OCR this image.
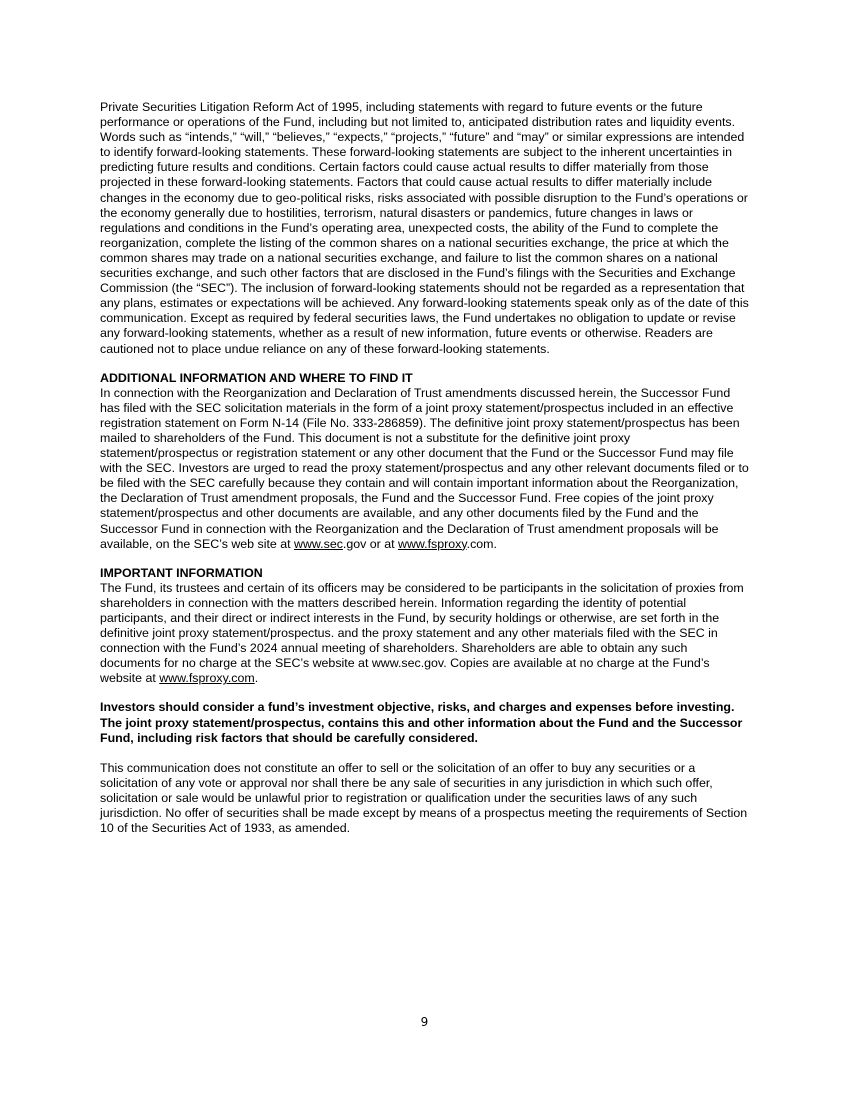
Private Securities Litigation Reform Act of 1995, including statements with regard to future events or the future performance or operations of the Fund, including but not limited to, anticipated distribution rates and liquidity events. Words such as “intends,” “will,” “believes,” “expects,” “projects,” “future” and “may” or similar expressions are intended to identify forward-looking statements. These forward-looking statements are subject to the inherent uncertainties in predicting future results and conditions. Certain factors could cause actual results to differ materially from those projected in these forward-looking statements. Factors that could cause actual results to differ materially include changes in the economy due to geo-political risks, risks associated with possible disruption to the Fund’s operations or the economy generally due to hostilities, terrorism, natural disasters or pandemics, future changes in laws or regulations and conditions in the Fund’s operating area, unexpected costs, the ability of the Fund to complete the reorganization, complete the listing of the common shares on a national securities exchange, the price at which the common shares may trade on a national securities exchange, and failure to list the common shares on a national securities exchange, and such other factors that are disclosed in the Fund’s filings with the Securities and Exchange Commission (the “SEC”). The inclusion of forward-looking statements should not be regarded as a representation that any plans, estimates or expectations will be achieved. Any forward-looking statements speak only as of the date of this communication. Except as required by federal securities laws, the Fund undertakes no obligation to update or revise any forward-looking statements, whether as a result of new information, future events or otherwise. Readers are cautioned not to place undue reliance on any of these forward-looking statements.

ADDITIONAL INFORMATION AND WHERE TO FIND IT

In connection with the Reorganization and Declaration of Trust amendments discussed herein, the Successor Fund has filed with the SEC solicitation materials in the form of a joint proxy statement/prospectus included in an effective registration statement on Form N-14 (File No. 333-286859). The definitive joint proxy statement/prospectus has been mailed to shareholders of the Fund. This document is not a substitute for the definitive joint proxy statement/prospectus or registration statement or any other document that the Fund or the Successor Fund may file with the SEC. Investors are urged to read the proxy statement/prospectus and any other relevant documents filed or to be filed with the SEC carefully because they contain and will contain important information about the Reorganization, the Declaration of Trust amendment proposals, the Fund and the Successor Fund. Free copies of the joint proxy statement/prospectus and other documents are available, and any other documents filed by the Fund and the Successor Fund in connection with the Reorganization and the Declaration of Trust amendment proposals will be available, on the SEC’s web site at www.sec.gov or at www.fsproxy.com.

IMPORTANT INFORMATION

The Fund, its trustees and certain of its officers may be considered to be participants in the solicitation of proxies from shareholders in connection with the matters described herein. Information regarding the identity of potential participants, and their direct or indirect interests in the Fund, by security holdings or otherwise, are set forth in the definitive joint proxy statement/prospectus. and the proxy statement and any other materials filed with the SEC in connection with the Fund’s 2024 annual meeting of shareholders. Shareholders are able to obtain any such documents for no charge at the SEC’s website at www.sec.gov. Copies are available at no charge at the Fund’s website at www.fsproxy.com.

Investors should consider a fund’s investment objective, risks, and charges and expenses before investing. The joint proxy statement/prospectus, contains this and other information about the Fund and the Successor Fund, including risk factors that should be carefully considered.

This communication does not constitute an offer to sell or the solicitation of an offer to buy any securities or a solicitation of any vote or approval nor shall there be any sale of securities in any jurisdiction in which such offer, solicitation or sale would be unlawful prior to registration or qualification under the securities laws of any such jurisdiction. No offer of securities shall be made except by means of a prospectus meeting the requirements of Section 10 of the Securities Act of 1933, as amended.

9
